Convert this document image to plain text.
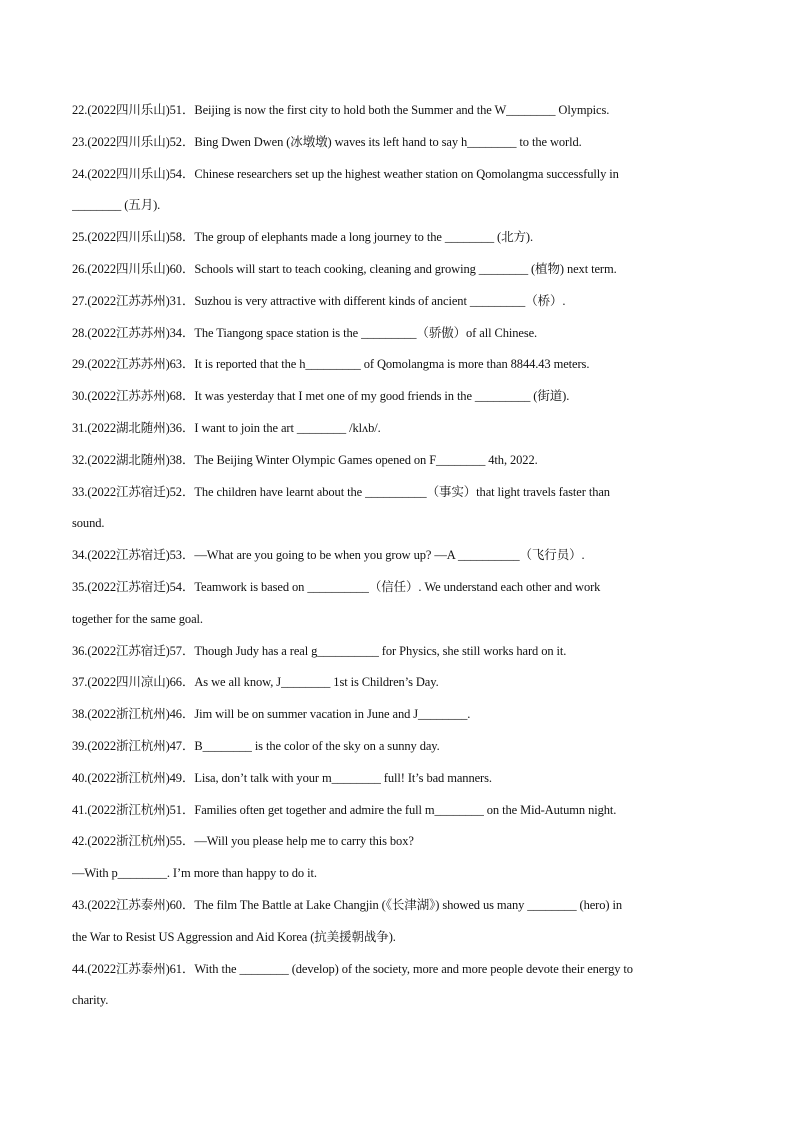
22.(2022四川乐山)51．Beijing is now the first city to hold both the Summer and the W________ Olympics.
23.(2022四川乐山)52．Bing Dwen Dwen (冰墩墩) waves its left hand to say h________ to the world.
24.(2022四川乐山)54．Chinese researchers set up the highest weather station on Qomolangma successfully in
________ (五月).
25.(2022四川乐山)58．The group of elephants made a long journey to the ________ (北方).
26.(2022四川乐山)60．Schools will start to teach cooking, cleaning and growing ________ (植物) next term.
27.(2022江苏苏州)31．Suzhou is very attractive with different kinds of ancient _________（桥）.
28.(2022江苏苏州)34．The Tiangong space station is the _________（骄傲）of all Chinese.
29.(2022江苏苏州)63．It is reported that the h_________ of Qomolangma is more than 8844.43 meters.
30.(2022江苏苏州)68．It was yesterday that I met one of my good friends in the _________ (街道).
31.(2022湖北随州)36．I want to join the art ________ /klʌb/.
32.(2022湖北随州)38．The Beijing Winter Olympic Games opened on F________ 4th, 2022.
33.(2022江苏宿迁)52．The children have learnt about the __________（事实）that light travels faster than
sound.
34.(2022江苏宿迁)53．—What are you going to be when you grow up? —A __________（飞行员）.
35.(2022江苏宿迁)54．Teamwork is based on __________（信任）. We understand each other and work
together for the same goal.
36.(2022江苏宿迁)57．Though Judy has a real g__________ for Physics, she still works hard on it.
37.(2022四川凉山)66．As we all know, J________ 1st is Children’s Day.
38.(2022浙江杭州)46．Jim will be on summer vacation in June and J________.
39.(2022浙江杭州)47．B________ is the color of the sky on a sunny day.
40.(2022浙江杭州)49．Lisa, don’t talk with your m________ full! It’s bad manners.
41.(2022浙江杭州)51．Families often get together and admire the full m________ on the Mid-Autumn night.
42.(2022浙江杭州)55．—Will you please help me to carry this box?
—With p________. I’m more than happy to do it.
43.(2022江苏泰州)60．The film The Battle at Lake Changjin (《长津湖》) showed us many ________ (hero) in
the War to Resist US Aggression and Aid Korea (抗美援朝战争).
44.(2022江苏泰州)61．With the ________ (develop) of the society, more and more people devote their energy to
charity.
